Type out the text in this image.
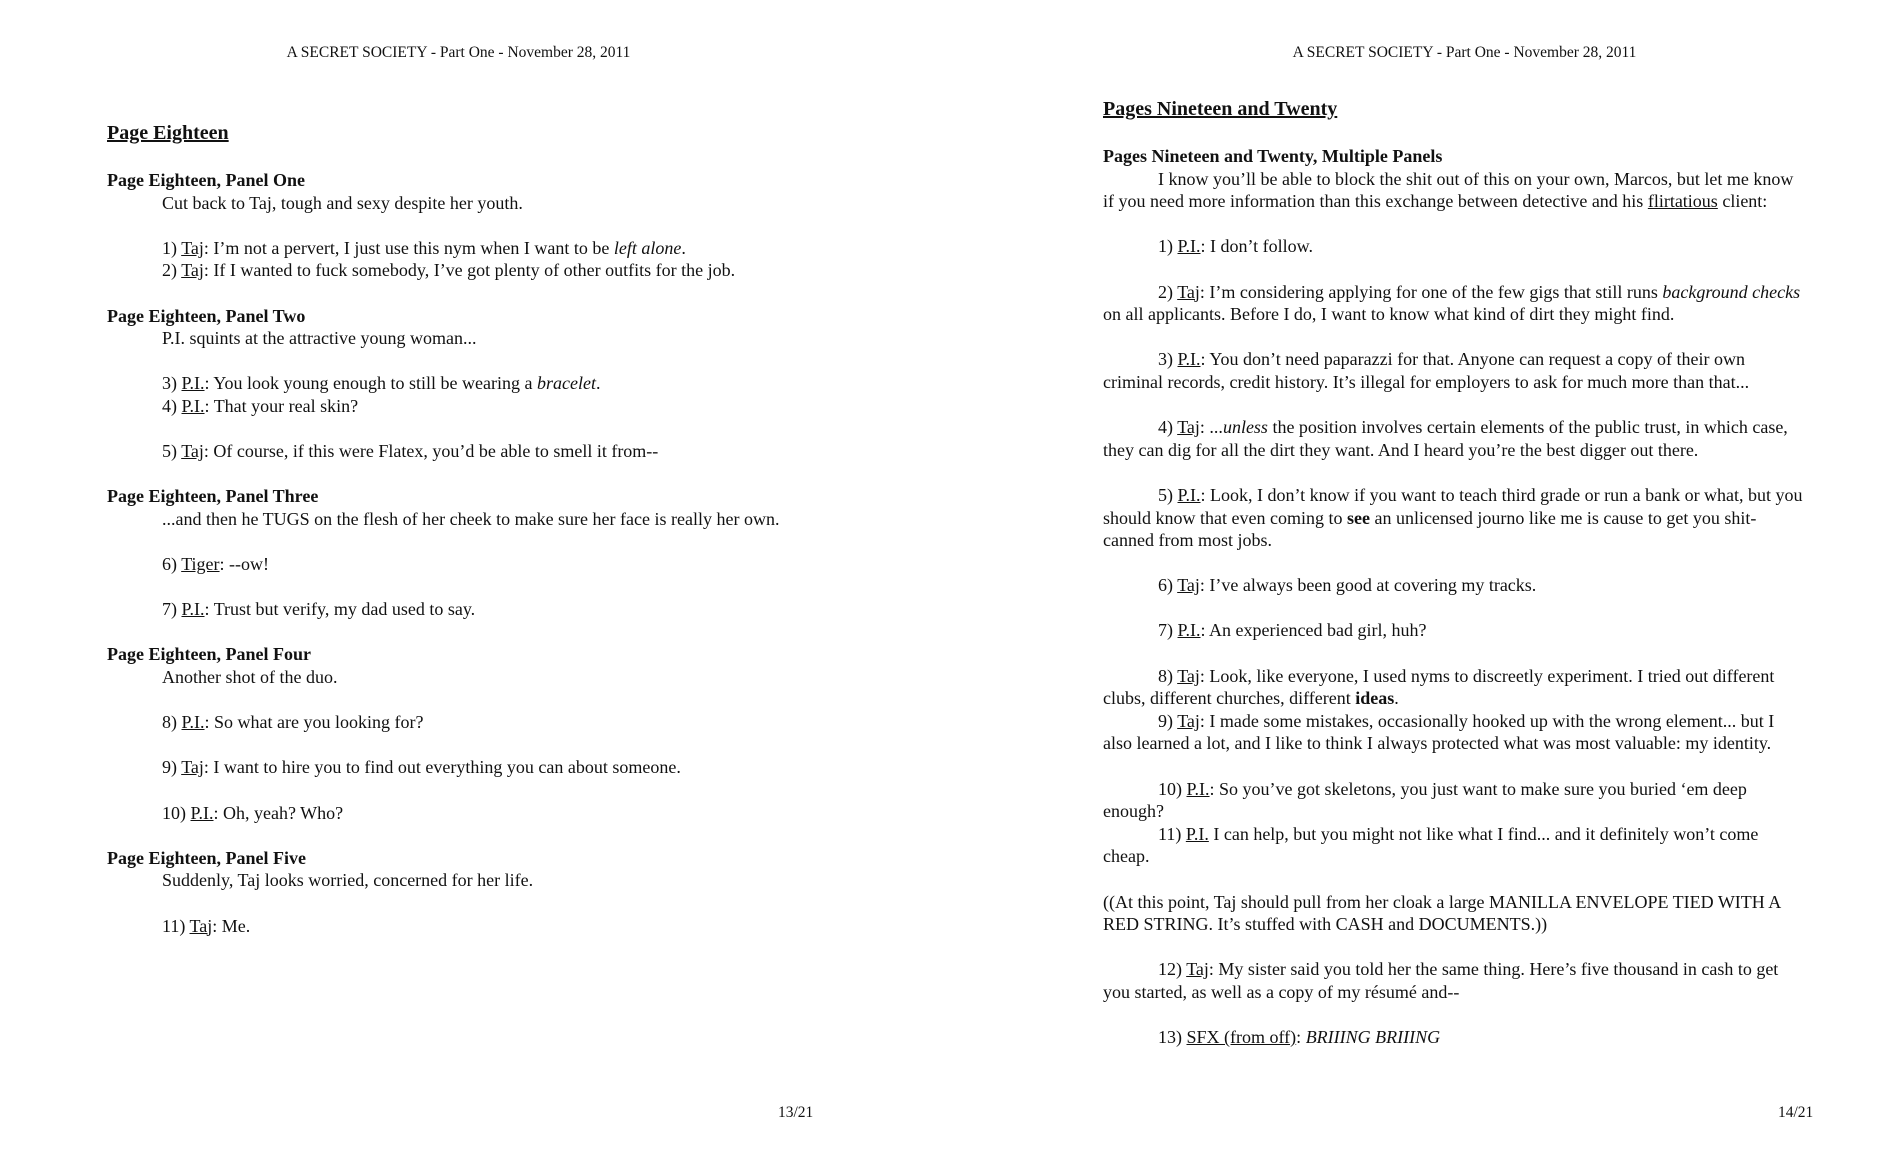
A SECRET SOCIETY - Part One - November 28, 2011
Page Eighteen
Page Eighteen, Panel One
Cut back to Taj, tough and sexy despite her youth.
1) Taj: I’m not a pervert, I just use this nym when I want to be left alone.
2) Taj: If I wanted to fuck somebody, I’ve got plenty of other outfits for the job.
Page Eighteen, Panel Two
P.I. squints at the attractive young woman...
3) P.I.: You look young enough to still be wearing a bracelet.
4) P.I.: That your real skin?
5) Taj: Of course, if this were Flatex, you’d be able to smell it from--
Page Eighteen, Panel Three
...and then he TUGS on the flesh of her cheek to make sure her face is really her own.
6) Tiger: --ow!
7) P.I.: Trust but verify, my dad used to say.
Page Eighteen, Panel Four
Another shot of the duo.
8) P.I.: So what are you looking for?
9) Taj: I want to hire you to find out everything you can about someone.
10) P.I.: Oh, yeah? Who?
Page Eighteen, Panel Five
Suddenly, Taj looks worried, concerned for her life.
11) Taj: Me.
13/21
A SECRET SOCIETY - Part One - November 28, 2011
14/21
Pages Nineteen and Twenty
Pages Nineteen and Twenty, Multiple Panels
I know you’ll be able to block the shit out of this on your own, Marcos, but let me know if you need more information than this exchange between detective and his flirtatious client:
1) P.I.: I don’t follow.
2) Taj: I’m considering applying for one of the few gigs that still runs background checks on all applicants. Before I do, I want to know what kind of dirt they might find.
3) P.I.: You don’t need paparazzi for that. Anyone can request a copy of their own criminal records, credit history. It’s illegal for employers to ask for much more than that...
4) Taj: ...unless the position involves certain elements of the public trust, in which case, they can dig for all the dirt they want. And I heard you’re the best digger out there.
5) P.I.: Look, I don’t know if you want to teach third grade or run a bank or what, but you should know that even coming to see an unlicensed journo like me is cause to get you shit-canned from most jobs.
6) Taj: I’ve always been good at covering my tracks.
7) P.I.: An experienced bad girl, huh?
8) Taj: Look, like everyone, I used nyms to discreetly experiment. I tried out different clubs, different churches, different ideas.
9) Taj: I made some mistakes, occasionally hooked up with the wrong element... but I also learned a lot, and I like to think I always protected what was most valuable: my identity.
10) P.I.: So you’ve got skeletons, you just want to make sure you buried ‘em deep enough?
11) P.I. I can help, but you might not like what I find... and it definitely won’t come cheap.
((At this point, Taj should pull from her cloak a large MANILLA ENVELOPE TIED WITH A RED STRING. It’s stuffed with CASH and DOCUMENTS.))
12) Taj: My sister said you told her the same thing. Here’s five thousand in cash to get you started, as well as a copy of my résumé and--
13) SFX (from off): BRIIING BRIIING
